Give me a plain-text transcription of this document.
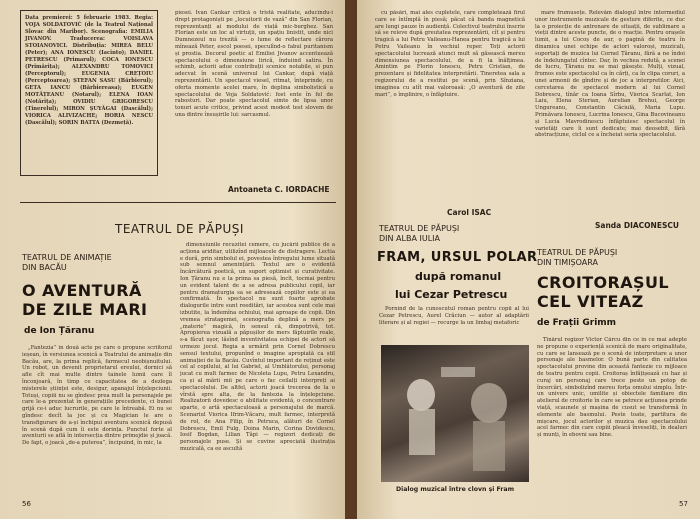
Data premierei: 5 februarie 1983. Regia: VOJA SOLDATOVIĆ (de la Teatrul Național Slovac din Maribor). Scenografia: EMILIA JIVANOV. Traducerea: VOISLAVA STOIANOVICI. Distribuția: MIREA BELU (Peter); ANA IONESCU (Iacinto); DANIEL PETRESCU (Primarul); COCA IONESCU (Primărița); ALEXANDRU TOMOVICI (Perceptorul); EUGENIA CREȚOIU (Perceptoarea); ȘTEFAN SASU (Bărbierul); GETA IANCU (Bărbiereasa); EUGEN MOTĂȚEANU (Notarul); ELENA IOAN (Notărița); OVIDIU GRIGORESCU (Tinerelul); MIRON ȘUYĂGAI (Dascălul); VIORICA ALIVIZACHE; HORIA NESCU (Dascălul); SORIN BATTA (Dezmeță).
piesei. Ivan Cankar critică o tristă realitate, aducîndu-i drept protagoniști pe „locuitorii de vază” din San Florian, reprezentanți ai modului de viață mic-burghez. San Florian este un loc al virtuții, un spațiu linistit, unde nici Dumnezeul nu trezită — o lume de reflectare cărora mînează Peter, escol poesei, speculînd-o fabul puritanism și prostia. Decorul poetic al Emiliei Jivanov accentuează spectacolului o dimensiune lirică, înduiind satira. În schimb, actorii adue contribuții scenice notabile, si pun adecvat în scenă universul lui Cankar, după viață reprezentării. Un spectacol viesel, ritmat, înteprinde, cu oferta momente acelei mare, în deplina simbolistică a spectacolului de Voja Soldatović: fost ente în fel de rabosturi. Dar poate spectacolul simte de lipsa unor tonuri acute critice, privind acest modest test slovem de una dintre însușirile lui: sarcasmul.
Antoaneta C. IORDACHE
TEATRUL DE PĂPUȘI
TEATRUL DE ANIMAȚIE
DIN BACĂU
O AVENTURĂ
DE ZILE MARI
de Ion Țăranu

„Fantezia” în două acte pe care o propune scriitorul ieșean, în versiunea scenică a Teatrului de animație din Bacău, are, la prima replică, farmecul neobișnuitului. Un robot, un devenit proprietarul ereului, dornici să afle cît mai multe dintre tainele lumii care îl înconjoară, în timp ce capacitatea de a dezlega misterele științei este, desigur, apanajul înțelepciunii. Totuși, copiii nu se gîndesc prea mult la personajele pe care le-a prezentat în generațiile precedente, ci bunei grijă ce-i aduc lucrurile, pe care le întreabă. Ei nu se gîndesc decît la joc și cu Magician le are o transfigurare de a-și închipui aventura scenică depusă în scenă după cum îi este dorința. Punctul forte al aventurii se află în intersecția dintre primejdie și joacă. De fapt, o joacă „de-a puterea”, încipuind, în mic, la

dimensiunile recuzitei cemere, cu jucării publice de a acționa ariditar, utilizînd mijloacele de distragere. Lectia e dură, prin simbolul ei, povestea întregului lume situată sub semnul amenințării. Textul are o evidentă încărcătură poetică, un suport optimist și curativitate. Ion Țăranu nu e la prima sa piesă, încît, tocmai pentru un evident talent de a se adresa publicului copil, iar pentru dramaturgia sa se adresează copiilor este și ea confirmată. În spectacol nu sunt foarte aprobate dialogurile intre sunt reeditări, iar acestea sunt cele mai izbutite, la îndemîna ochiului, mai aproape de copii. Din vremea stratagemei, scenografia deplină a mers pe „materie” magică, în sensul că, dimpotrivă, tot. Apropierea vizuală a păpușilor de mers făptuirile reale, s-a făcut ușor, lăsînd inventivitatea echipei de actori să urmeze jocul. Regia a urmărit prin Cornel Dobrescu sensul textului, propunînd o imagine apropiată ca stil animației de la Bacău. Cuvîntul important de reținut este cel al copilului, al lui Gabriel, al Umblătorului, personaj jucat cu mult farmec de Nicoleta Lupu, Petru Lexandru, ca și al mării mii pe care o fac ceilalți interpreți ai spectacolului. De altfel, actorii joacă trecerea de la o vîrstă spre alta, de la fantezia la înțelepciune. Realizatorii dovedesc o abilitate evidentă, o concentrare aparte, o artă spectaculoasă a personajului de marcă. Scenariul Viorica Ifrim-Văcaru, mult farmec, interpretă de rol, de Ana Filip, în Petruca, alături de Cornel Dobrescu, Emil Fulg, Doina Marin, Corina Dovidescu, Iosif Bogdan, Lilian Tăpi — regizori dedicați de personajele puse. Și se cuvine apreciată ilustrația muzicală, ca ee ascultă

56

cu păsări, mai ales cupletele, care completează firul care se întîmplă în piesă; păcat că banda magnetică are lungi pauze în audiență. Colectivul teatrului înscrie să se releve după greutatea reprezentării, cît și pentru tragică a lui Petru Vaileanu-Hanea pentru tragică a lui Petru Vaileanu în vechiul reper. Toți actorii spectacolului lucrează atunci mult să găsească mereu dimensiunea spectacolului, de a fi la înălțimea. Amintim pe Florin Ionescu, Petru Cristian, de prezentare și fidelitatea interpretării. Tineretea sala a regizorului de a restitui pe scenă, prin Sînziana, imaginea cu atît mai valoroasă: „O aventură de zile mari”, o împlinire, o înfăptuire.

Carol ISAC

mare frumusețe. Relevăm dialogul între intermediul unor instrumente muzicale de gesture diferite, ce duc la o proiecție de antrenare de situații, de sublimare a vieții dintre aceste puncte, de o reacție. Pentru orașele lumii, a lui Cocoș de aur, o pagină de teatru în dinamica unei echipe de actori valoroși, muzicali, suportați de muzica lui Cornel Țăranu, fără a ne îndoi de îndelungatul cîntec. Dar, în vechea redută, a scenei de lucru, Țăranu nu se mai găsește. Mulți, vizual, frumos este spectacolul ca în cărți, ca în clipa coruri, a unei armonii de gîndire și de joc a interpretilor. Aici, cercetarea de spectacol modern al lui Cornel Dobrescu, tînăr ca Ioana Sîrbu, Viorica Scarlat, Ion Laiu, Elena Sterian, Aurelian Brehui, George Ungureanu, Constantin Căciulă, Maria Lupu. Primăvara Ionescu, Lucrina Ionescu, Gina Bucovineanu și Lucia Mavrodinescu înfăptuiesc spectacolul în varietăți care îi sunt dedicate; mai deosebit, fără abstracțiune, ciclul ce a încheiat seria spectacolului.

Sanda DIACONESCU
TEATRUL DE PĂPUȘI
DIN ALBA IULIA
FRAM, URSUL POLAR
după romanul
lui Cezar Petrescu

Pornind de la cunoscutul roman pentru copii al lui Cezar Petrescu, Aurel Crăciun — autor al adaptării literare și al regiei — recurge la un limbaj metaforic

Dialog muzical între clovn și Fram
TEATRUL DE PĂPUȘI
DIN TIMIȘOARA
CROITORAȘUL
CEL VITEAZ
de Frații Grimm

Tînărul regizor Victor Cârcu din ce în ce mai adepte ne propune o experiență scenică de mare originalitate, cu care se lansează pe o scenă de interpretare a unor personaje ale basmelor. O bună parte din calitatea spectacolului provine din această fantezie cu mijloace de teatru pentru copii. Croitoraș înfățișează cu haz și curaj un personaj care trece peste un potop de încercări, simbolizînd mereu forța omului simplu. Într-un univers unic, umilite și obiectele familiare din atelierul de croitorie în care se petrece acțiunea prinde viață, scaunele și mașina de cusut se transformă în elemente ale basmului. Peste toate, partitura de mișcare, jocul actorilor și muzica dau spectacolului acel farmec din care copiii pleacă înveseliți, în dealuri și munți, în ebovni sau bine.

57
